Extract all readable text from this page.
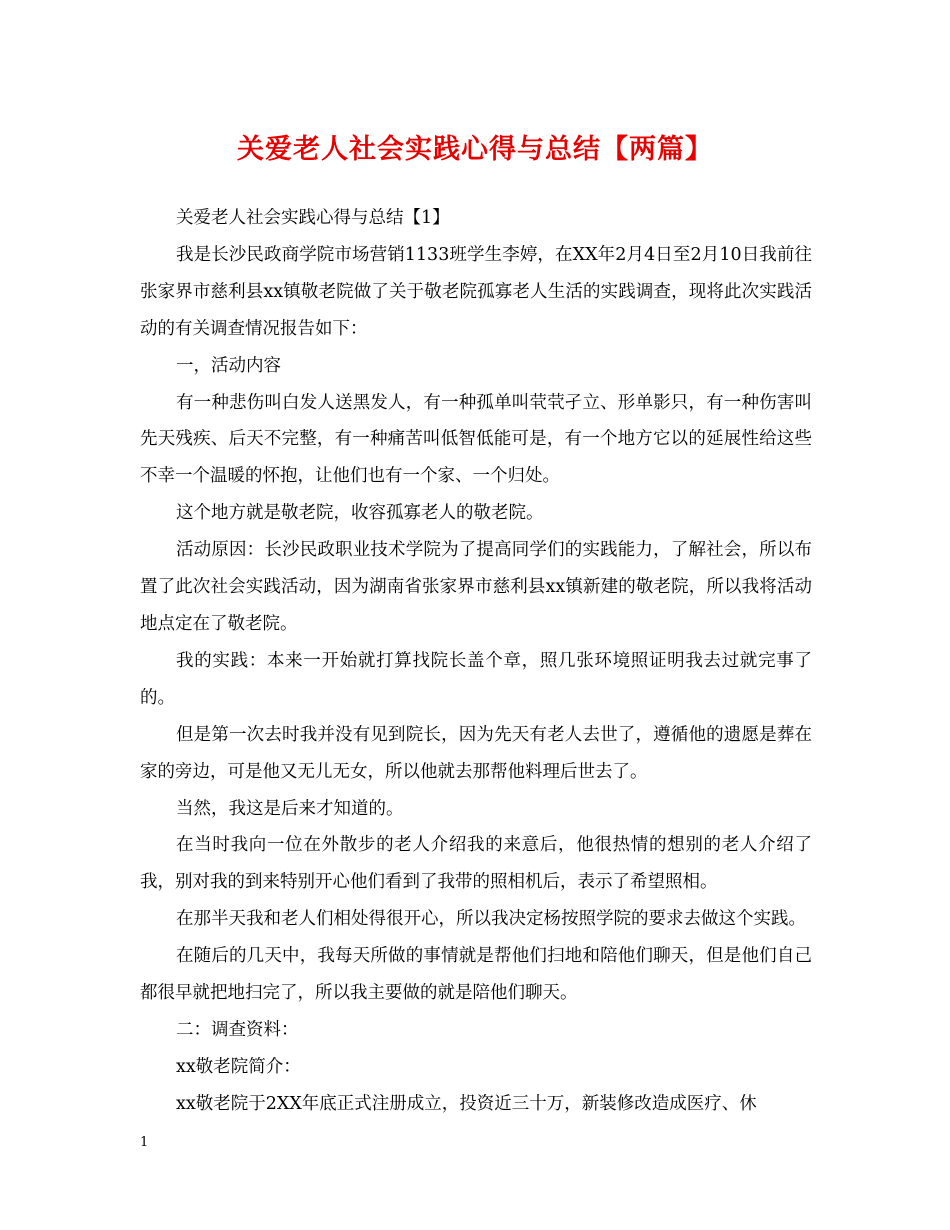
关爱老人社会实践心得与总结【两篇】

关爱老人社会实践心得与总结【1】

我是长沙民政商学院市场营销1133班学生李婷，在XX年2月4日至2月10日我前往张家界市慈利县xx镇敬老院做了关于敬老院孤寡老人生活的实践调查，现将此次实践活动的有关调查情况报告如下：

一，活动内容

有一种悲伤叫白发人送黑发人，有一种孤单叫茕茕孑立、形单影只，有一种伤害叫先天残疾、后天不完整，有一种痛苦叫低智低能可是，有一个地方它以的延展性给这些不幸一个温暖的怀抱，让他们也有一个家、一个归处。

这个地方就是敬老院，收容孤寡老人的敬老院。

活动原因：长沙民政职业技术学院为了提高同学们的实践能力，了解社会，所以布置了此次社会实践活动，因为湖南省张家界市慈利县xx镇新建的敬老院，所以我将活动地点定在了敬老院。

我的实践：本来一开始就打算找院长盖个章，照几张环境照证明我去过就完事了的。

但是第一次去时我并没有见到院长，因为先天有老人去世了，遵循他的遗愿是葬在家的旁边，可是他又无儿无女，所以他就去那帮他料理后世去了。

当然，我这是后来才知道的。

在当时我向一位在外散步的老人介绍我的来意后，他很热情的想别的老人介绍了我，别对我的到来特别开心他们看到了我带的照相机后，表示了希望照相。

在那半天我和老人们相处得很开心，所以我决定杨按照学院的要求去做这个实践。

在随后的几天中，我每天所做的事情就是帮他们扫地和陪他们聊天，但是他们自己都很早就把地扫完了，所以我主要做的就是陪他们聊天。

二：调查资料：

xx敬老院简介：

xx敬老院于2XX年底正式注册成立，投资近三十万，新装修改造成医疗、休

1
